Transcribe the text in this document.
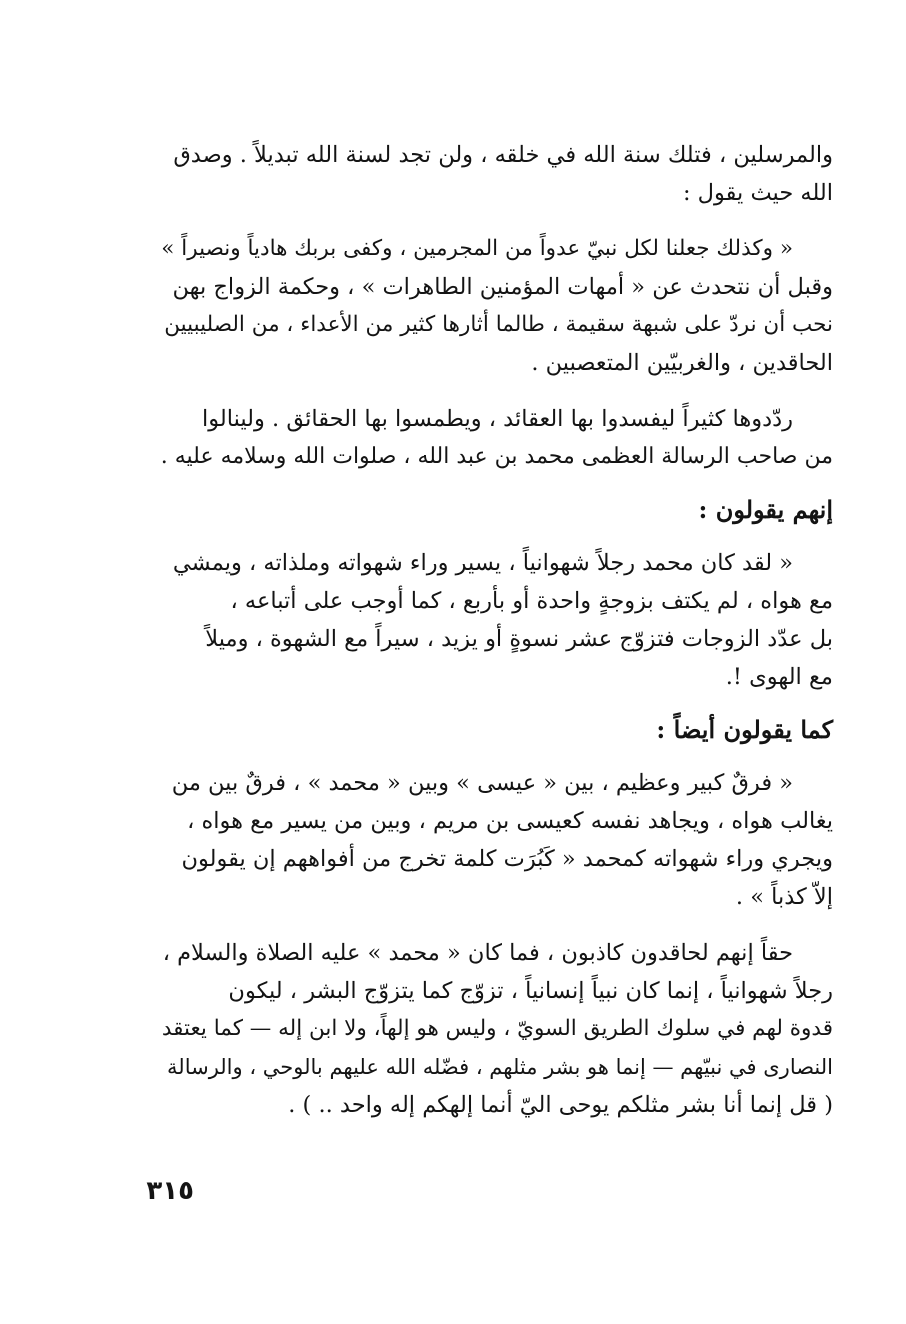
والمرسلين ، فتلك سنة الله في خلقه ، ولن تجد لسنة الله تبديلاً . وصدق
الله حيث يقول :
« وكذلك جعلنا لكل نبيّ عدواً من المجرمين ، وكفى بربك هادياً ونصيراً »
وقبل أن نتحدث عن « أمهات المؤمنين الطاهرات » ، وحكمة الزواج بهن
نحب أن نردّ على شبهة سقيمة ، طالما أثارها كثير من الأعداء ، من الصليبيين
الحاقدين ، والغربيّين المتعصبين .
ردّدوها كثيراً ليفسدوا بها العقائد ، ويطمسوا بها الحقائق . ولينالوا
من صاحب الرسالة العظمى محمد بن عبد الله ، صلوات الله وسلامه عليه .
إنهم يقولون :
« لقد كان محمد رجلاً شهوانياً ، يسير وراء شهواته وملذاته ، ويمشي
مع هواه ، لم يكتف بزوجةٍ واحدة أو بأربع ، كما أوجب على أتباعه ،
بل عدّد الزوجات فتزوّج عشر نسوةٍ أو يزيد ، سيراً مع الشهوة ، وميلاً
مع الهوى !.
كما يقولون أيضاً :
« فرقٌ كبير وعظيم ، بين « عيسى » وبين « محمد » ، فرقٌ بين من
يغالب هواه ، ويجاهد نفسه كعيسى بن مريم ، وبين من يسير مع هواه ،
ويجري وراء شهواته كمحمد « كَبُرَت كلمة تخرج من أفواههم إن يقولون
إلاّ كذباً » .
حقاً إنهم لحاقدون كاذبون ، فما كان « محمد » عليه الصلاة والسلام ،
رجلاً شهوانياً ، إنما كان نبياً إنسانياً ، تزوّج كما يتزوّج البشر ، ليكون
قدوة لهم في سلوك الطريق السويّ ، وليس هو إلهاً، ولا ابن إله — كما يعتقد
النصارى في نبيّهم — إنما هو بشر مثلهم ، فضّله الله عليهم بالوحي ، والرسالة
( قل إنما أنا بشر مثلكم يوحى اليّ أنما إلهكم إله واحد .. ) .
٣١٥
